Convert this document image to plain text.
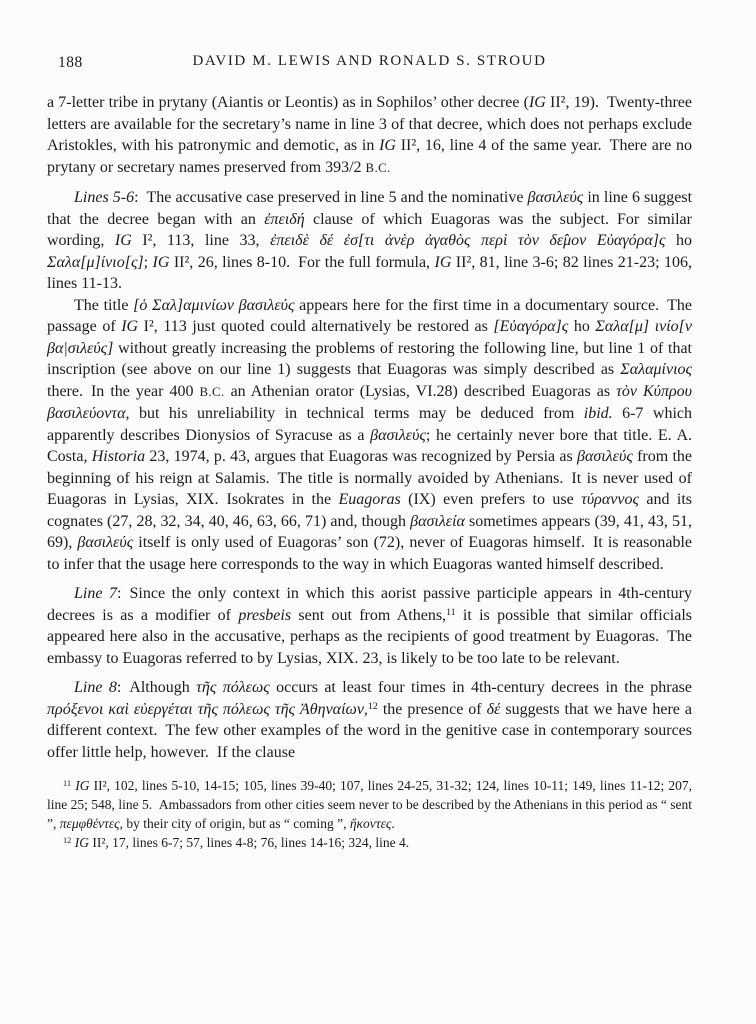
188	DAVID M. LEWIS AND RONALD S. STROUD

a 7-letter tribe in prytany (Aiantis or Leontis) as in Sophilos’ other decree (IG II², 19). Twenty-three letters are available for the secretary’s name in line 3 of that decree, which does not perhaps exclude Aristokles, with his patronymic and demotic, as in IG II², 16, line 4 of the same year. There are no prytany or secretary names preserved from 393/2 B.C.

Lines 5-6: The accusative case preserved in line 5 and the nominative βασιλεύς in line 6 suggest that the decree began with an ἐπειδή clause of which Euagoras was the subject. For similar wording, IG I², 113, line 33, ἐπειδὲ δέ ἐσ[τι ἀνὲρ ἀγαθὸς περὶ τὸν δε̂μον Εὐαγόρα]ς ho Σαλα[μ]ίνιο[ς]; IG II², 26, lines 8-10. For the full formula, IG II², 81, line 3-6; 82 lines 21-23; 106, lines 11-13.

The title [ὁ Σαλ]αμινίων βασιλεύς appears here for the first time in a documentary source. The passage of IG I², 113 just quoted could alternatively be restored as [Εὐαγόρα]ς ho Σαλα[μ] ινίο[ν βα|σιλεύς] without greatly increasing the problems of restoring the following line, but line 1 of that inscription (see above on our line 1) suggests that Euagoras was simply described as Σαλαμίνιος there. In the year 400 B.C. an Athenian orator (Lysias, VI.28) described Euagoras as τὸν Κύπρου βασιλεύοντα, but his unreliability in technical terms may be deduced from ibid. 6-7 which apparently describes Dionysios of Syracuse as a βασιλεύς; he certainly never bore that title. E. A. Costa, Historia 23, 1974, p. 43, argues that Euagoras was recognized by Persia as βασιλεύς from the beginning of his reign at Salamis. The title is normally avoided by Athenians. It is never used of Euagoras in Lysias, XIX. Isokrates in the Euagoras (IX) even prefers to use τύραννος and its cognates (27, 28, 32, 34, 40, 46, 63, 66, 71) and, though βασιλεία sometimes appears (39, 41, 43, 51, 69), βασιλεύς itself is only used of Euagoras’ son (72), never of Euagoras himself. It is reasonable to infer that the usage here corresponds to the way in which Euagoras wanted himself described.

Line 7: Since the only context in which this aorist passive participle appears in 4th-century decrees is as a modifier of presbeis sent out from Athens,$^{11}$ it is possible that similar officials appeared here also in the accusative, perhaps as the recipients of good treatment by Euagoras. The embassy to Euagoras referred to by Lysias, XIX. 23, is likely to be too late to be relevant.

Line 8: Although τῆς πόλεως occurs at least four times in 4th-century decrees in the phrase πρόξενοι καὶ εὐεργέται τῆς πόλεως τῆς Ἀθηναίων,$^{12}$ the presence of δέ suggests that we have here a different context. The few other examples of the word in the genitive case in contemporary sources offer little help, however. If the clause

$^{11}$ IG II², 102, lines 5-10, 14-15; 105, lines 39-40; 107, lines 24-25, 31-32; 124, lines 10-11; 149, lines 11-12; 207, line 25; 548, line 5. Ambassadors from other cities seem never to be described by the Athenians in this period as “ sent ”, πεμφθέντες, by their city of origin, but as “ coming ”, ἥκοντες.

$^{12}$ IG II², 17, lines 6-7; 57, lines 4-8; 76, lines 14-16; 324, line 4.
